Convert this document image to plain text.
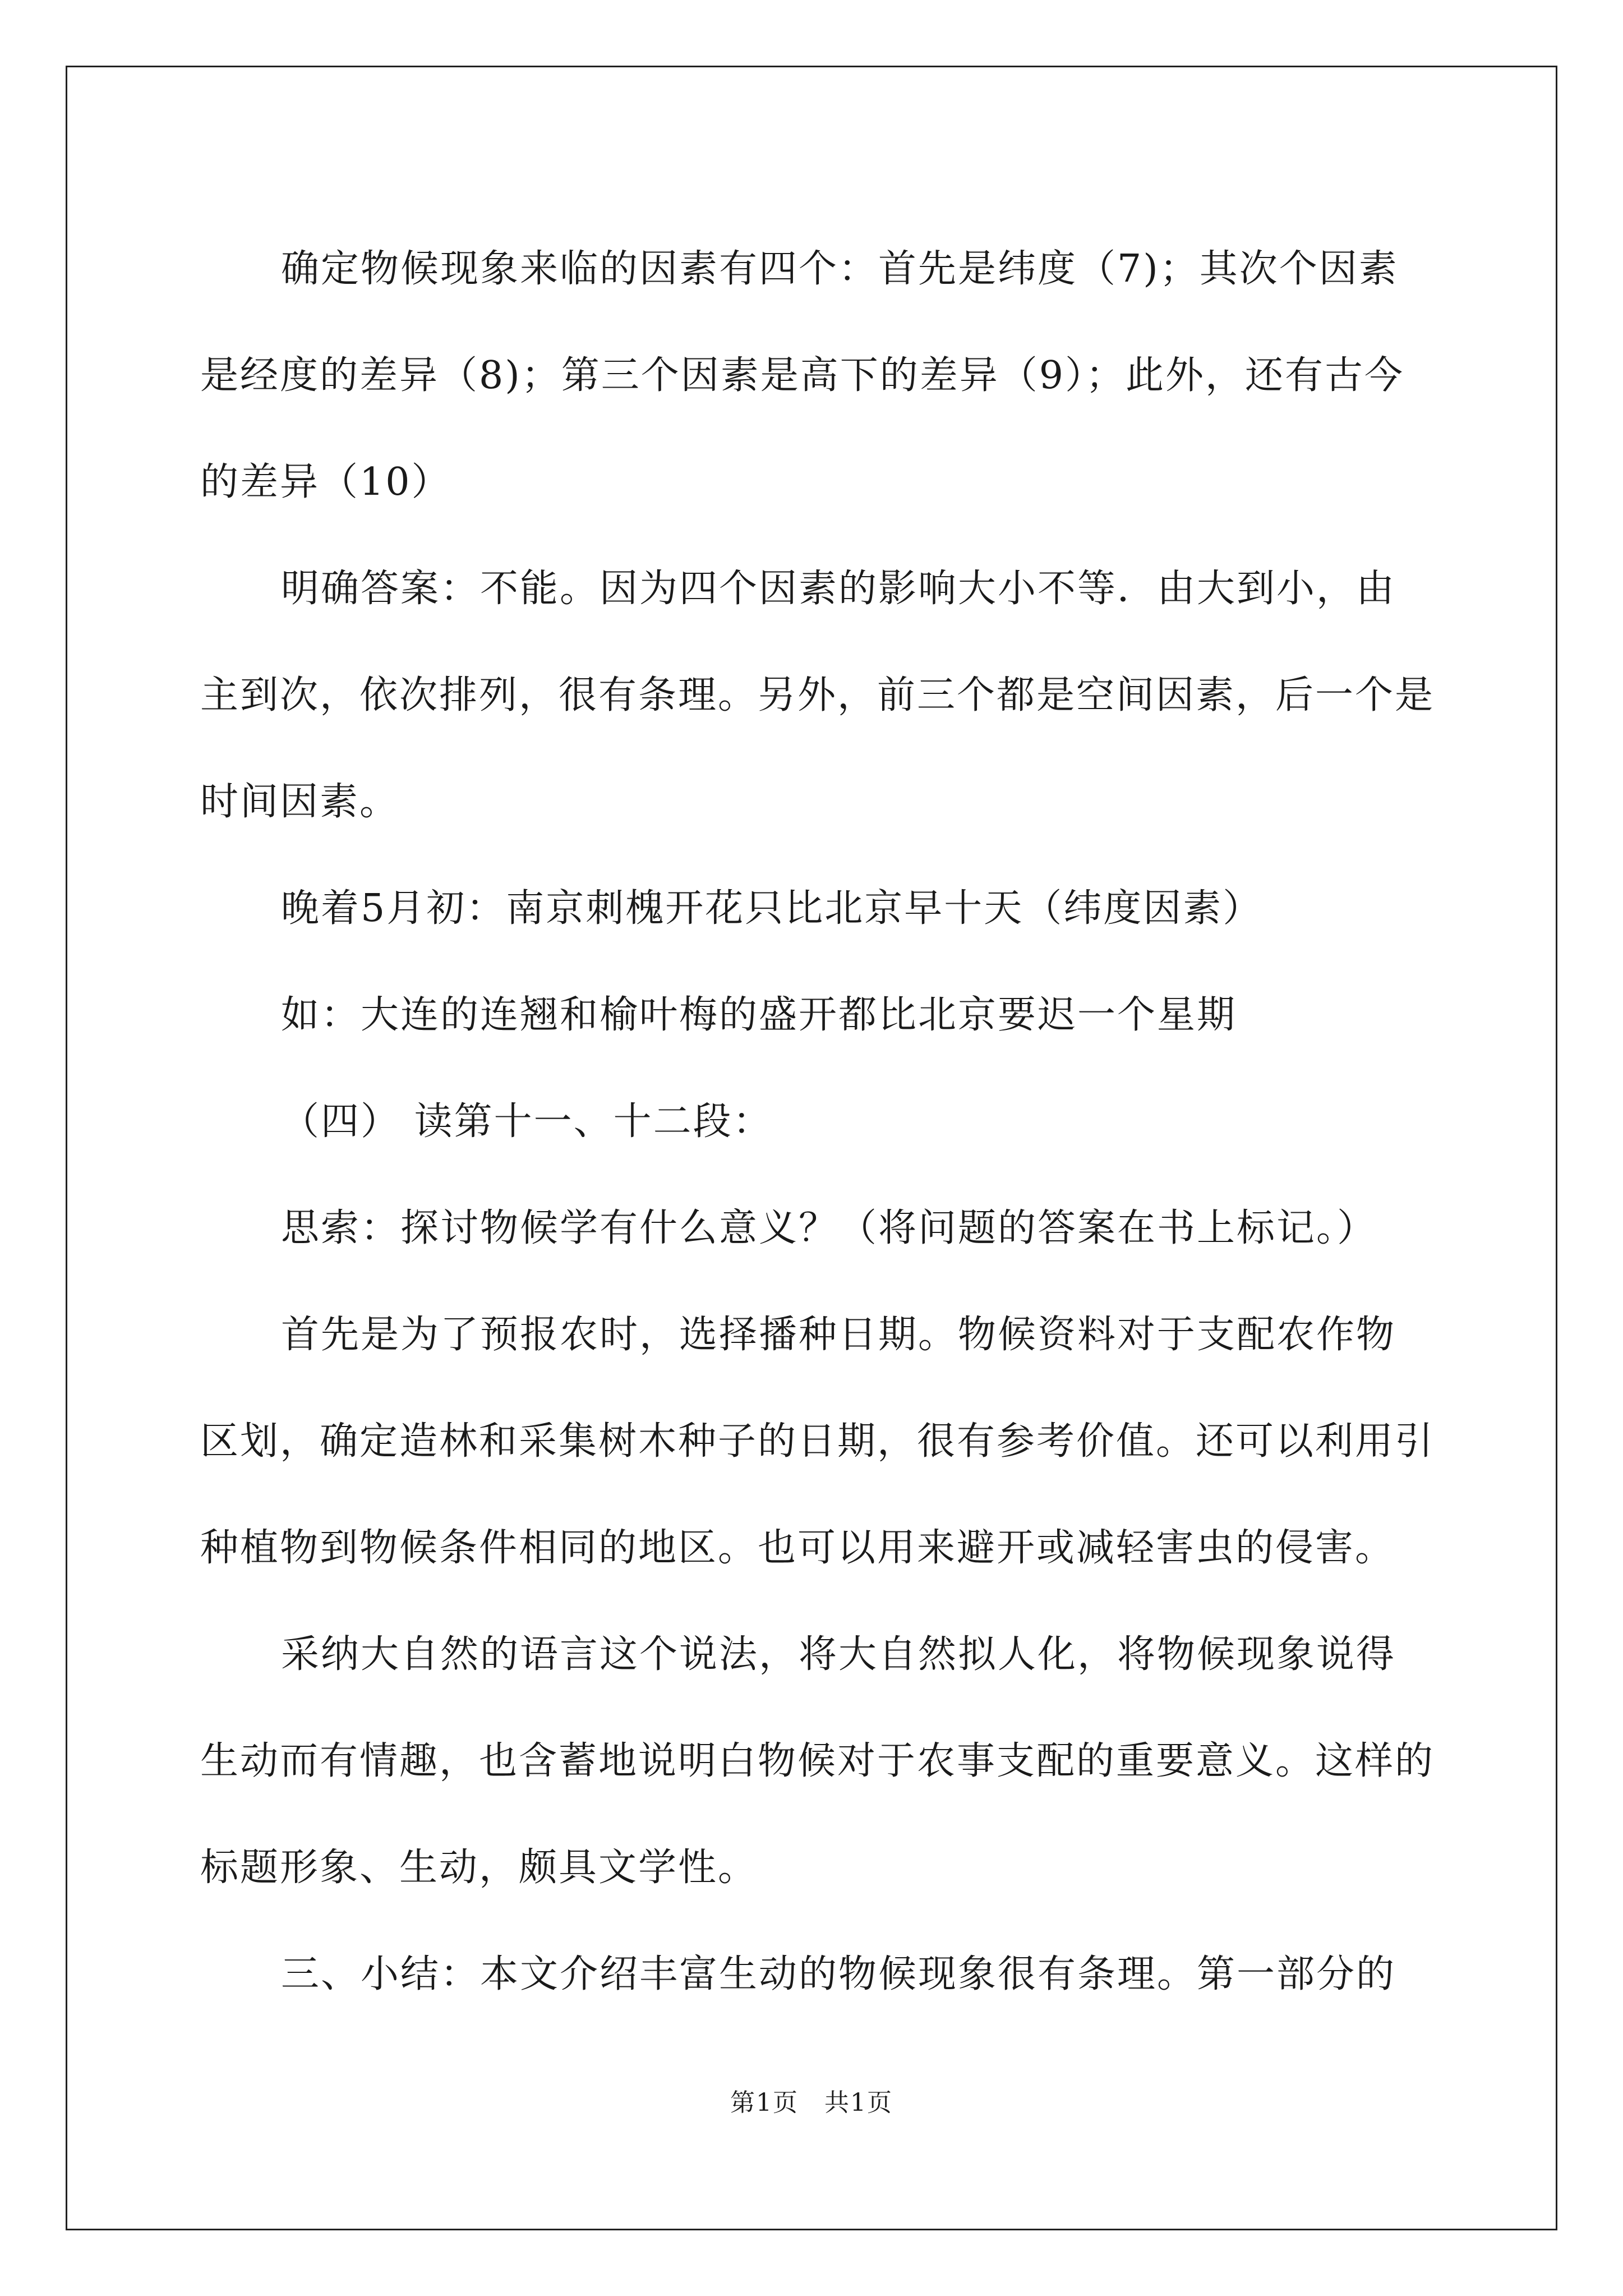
确定物候现象来临的因素有四个：首先是纬度（7)；其次个因素是经度的差异（8)；第三个因素是高下的差异（9）；此外，还有古今的差异（10）

明确答案：不能。因为四个因素的影响大小不等．由大到小，由主到次，依次排列，很有条理。另外，前三个都是空间因素，后一个是时间因素。

晚着5月初：南京刺槐开花只比北京早十天（纬度因素）

如：大连的连翘和榆叶梅的盛开都比北京要迟一个星期

（四） 读第十一、十二段：

思索：探讨物候学有什么意义？（将问题的答案在书上标记。）

首先是为了预报农时，选择播种日期。物候资料对于支配农作物区划，确定造林和采集树木种子的日期，很有参考价值。还可以利用引种植物到物候条件相同的地区。也可以用来避开或减轻害虫的侵害。

采纳大自然的语言这个说法，将大自然拟人化，将物候现象说得生动而有情趣，也含蓄地说明白物候对于农事支配的重要意义。这样的标题形象、生动，颇具文学性。

三、小结：本文介绍丰富生动的物候现象很有条理。第一部分的

第1页　共1页
